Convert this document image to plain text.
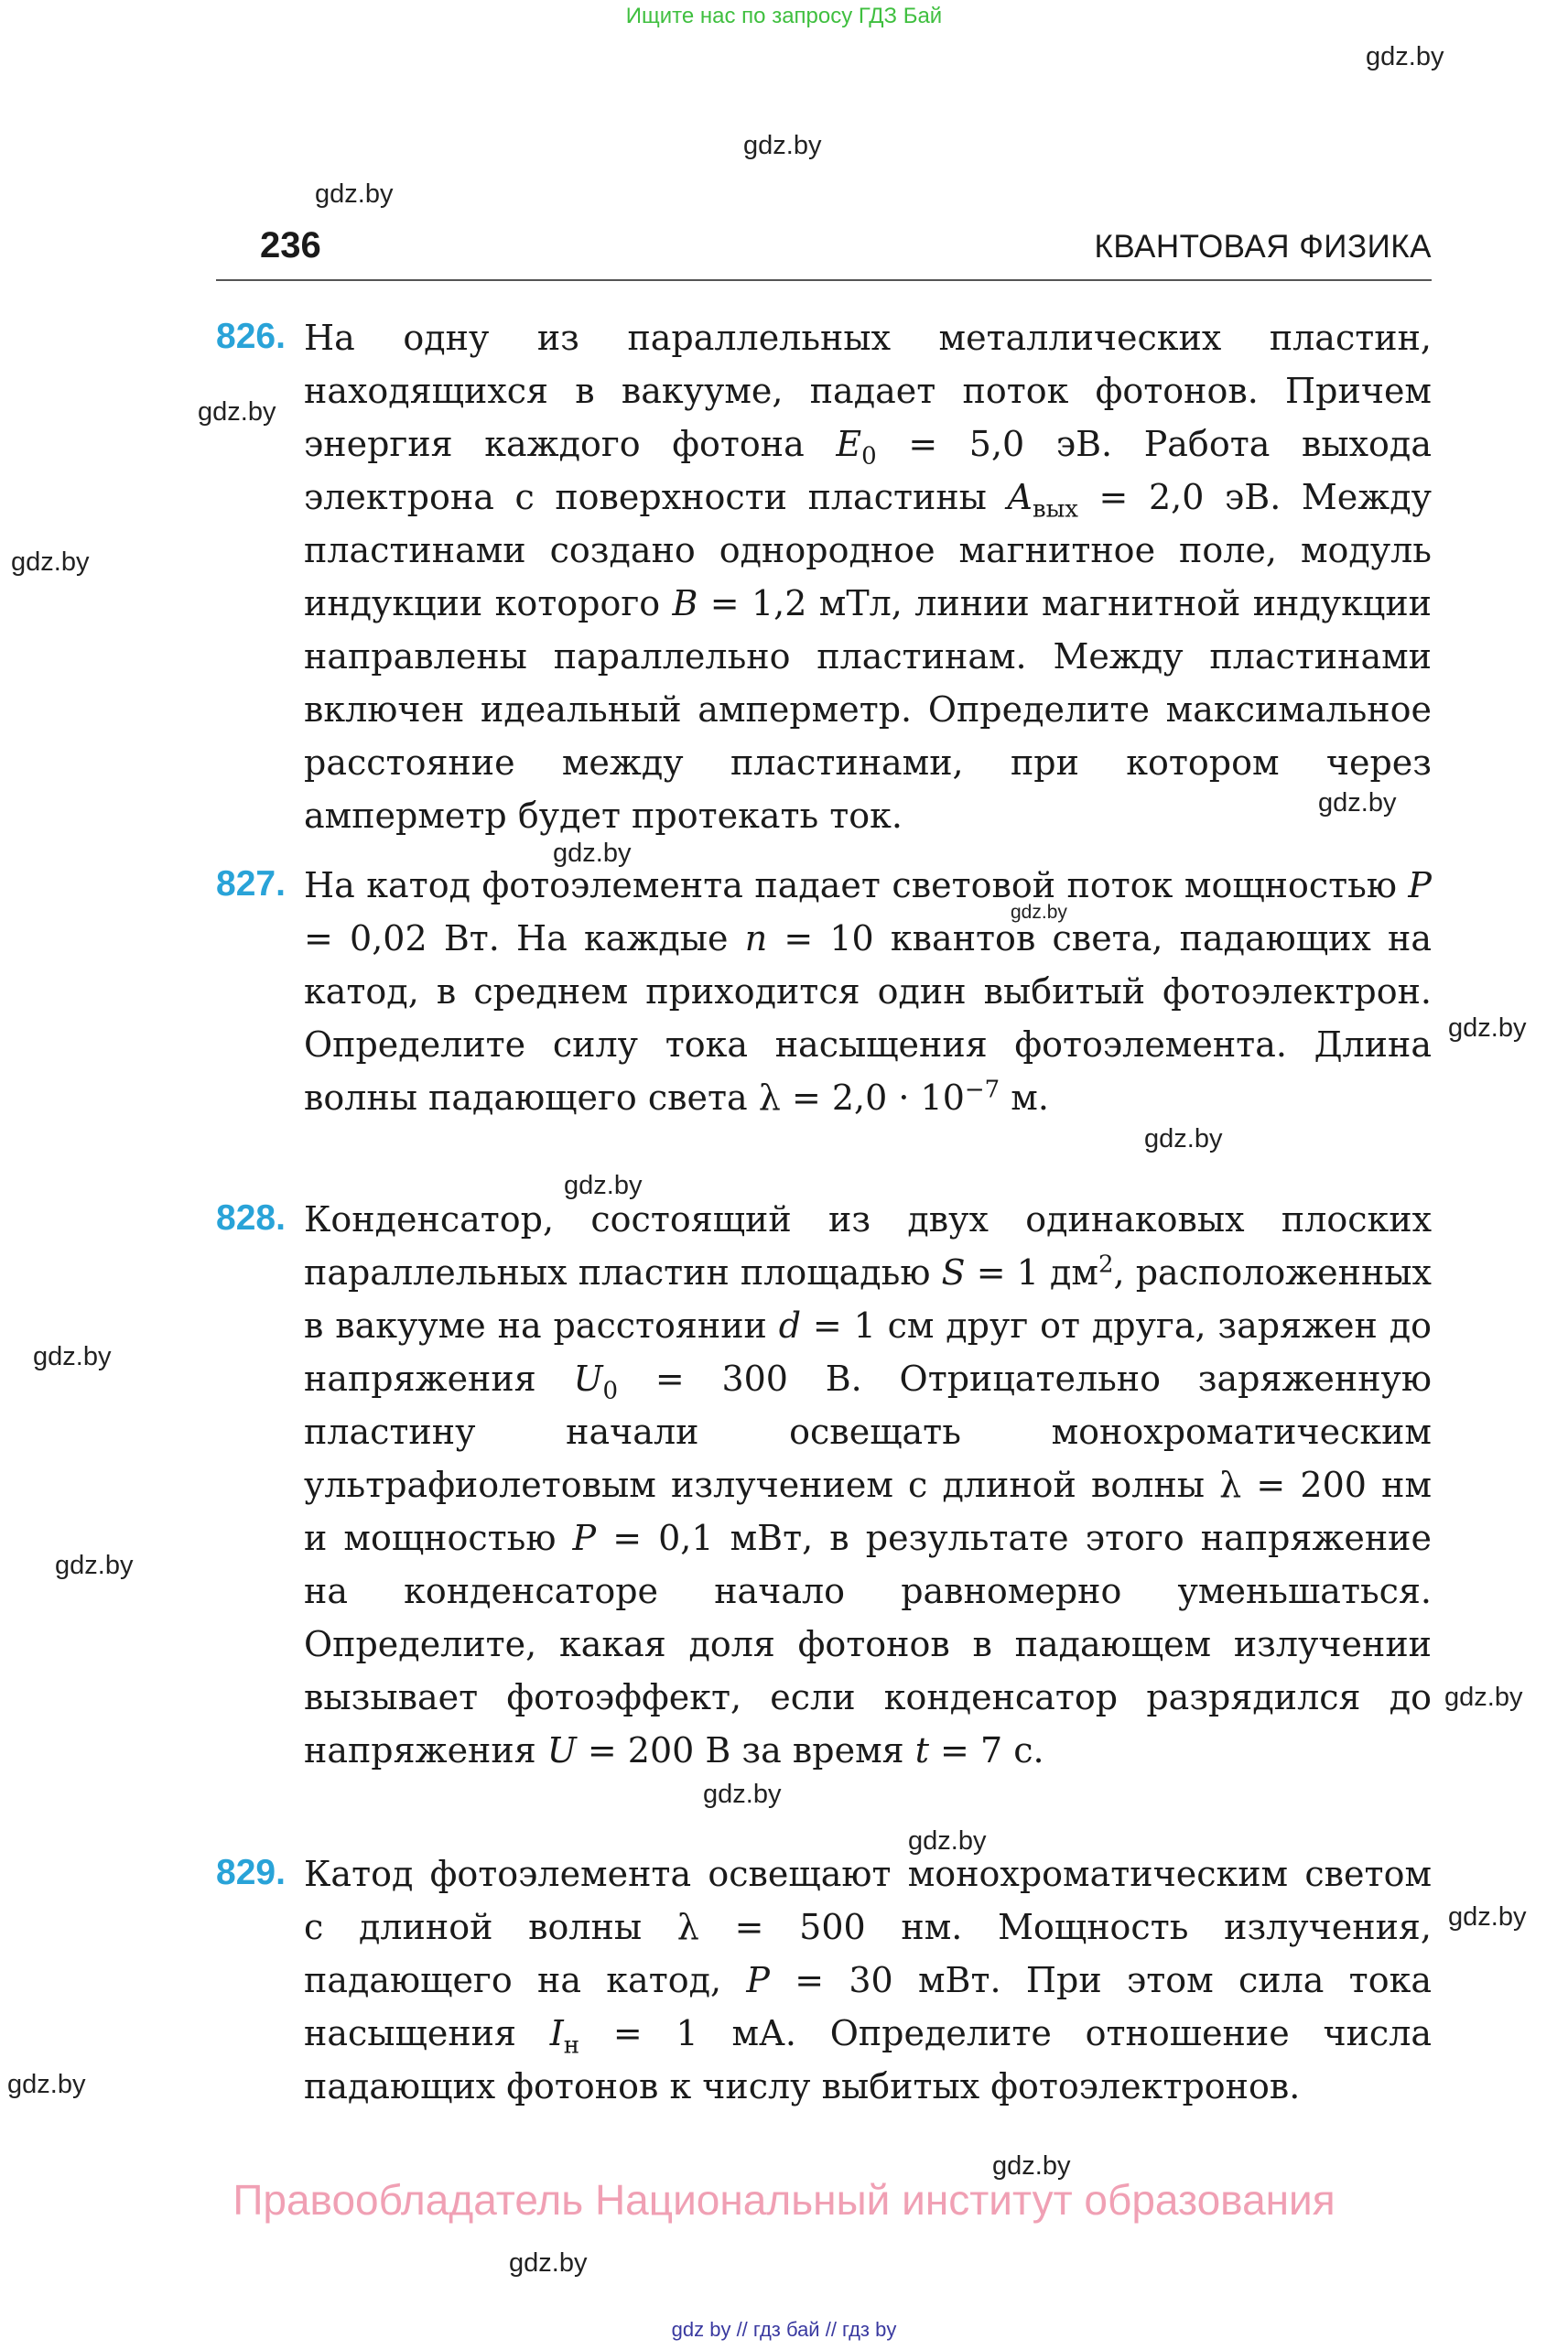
Ищите нас по запросу ГДЗ Бай
gdz.by
gdz.by
gdz.by
gdz.by
gdz.by
gdz.by
gdz.by
gdz.by
gdz.by
gdz.by
gdz.by
gdz.by
gdz.by
gdz.by
gdz.by
gdz.by
gdz.by
gdz.by
gdz.by
gdz.by
236	КВАНТОВАЯ ФИЗИКА
826. На одну из параллельных металлических пластин, находящихся в вакууме, падает поток фотонов. Причем энергия каждого фотона $E_0 = 5,0$ эВ. Работа выхода электрона с поверхности пластины $A_{вых} = 2,0$ эВ. Между пластинами создано однородное магнитное поле, модуль индукции которого B = 1,2 мТл, линии магнитной индукции направлены параллельно пластинам. Между пластинами включен идеальный амперметр. Определите максимальное расстояние между пластинами, при котором через амперметр будет протекать ток.
827. На катод фотоэлемента падает световой поток мощностью P = 0,02 Вт. На каждые n = 10 квантов света, падающих на катод, в среднем приходится один выбитый фотоэлектрон. Определите силу тока насыщения фотоэлемента. Длина волны падающего света $\lambda = 2,0 \cdot 10^{-7}$ м.
828. Конденсатор, состоящий из двух одинаковых плоских параллельных пластин площадью S = 1 $дм^2$, расположенных в вакууме на расстоянии d = 1 см друг от друга, заряжен до напряжения $U_0 = 300$ В. Отрицательно заряженную пластину начали освещать монохроматическим ультрафиолетовым излучением с длиной волны λ = 200 нм и мощностью P = 0,1 мВт, в результате этого напряжение на конденсаторе начало равномерно уменьшаться. Определите, какая доля фотонов в падающем излучении вызывает фотоэффект, если конденсатор разрядился до напряжения U = 200 В за время t = 7 с.
829. Катод фотоэлемента освещают монохроматическим светом с длиной волны λ = 500 нм. Мощность излучения, падающего на катод, P = 30 мВт. При этом сила тока насыщения $I_н = 1$ мА. Определите отношение числа падающих фотонов к числу выбитых фотоэлектронов.
Правообладатель Национальный институт образования
gdz by // гдз бай // гдз by
